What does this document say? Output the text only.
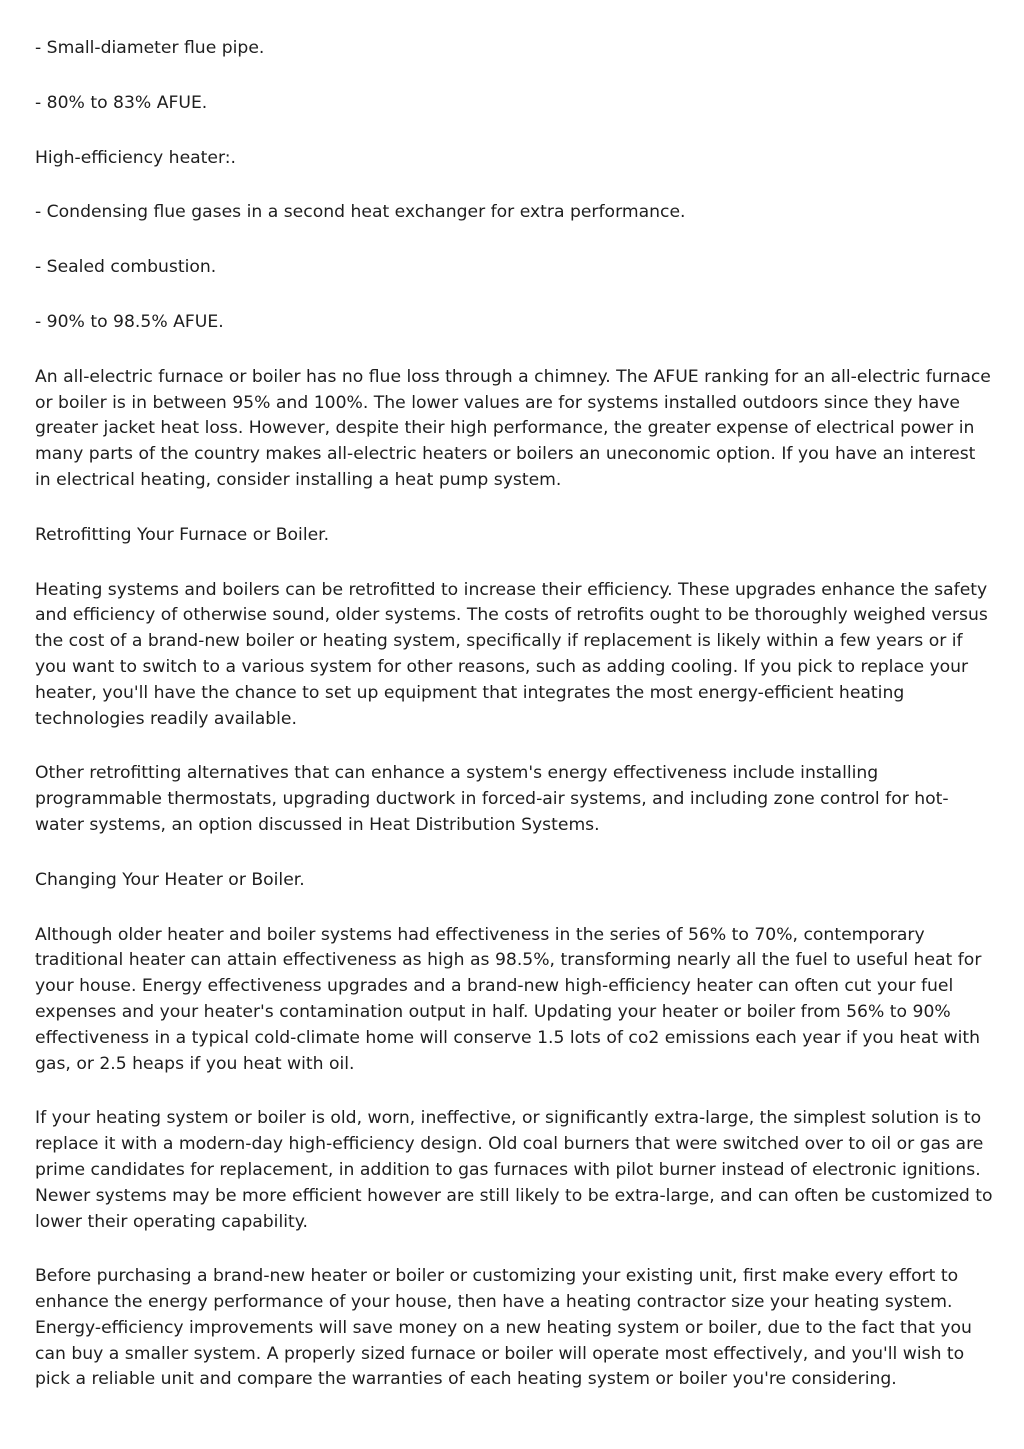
- Small-diameter flue pipe.

- 80% to 83% AFUE.

High-efficiency heater:.

- Condensing flue gases in a second heat exchanger for extra performance.

- Sealed combustion.

- 90% to 98.5% AFUE.

An all-electric furnace or boiler has no flue loss through a chimney. The AFUE ranking for an all-electric furnace or boiler is in between 95% and 100%. The lower values are for systems installed outdoors since they have greater jacket heat loss. However, despite their high performance, the greater expense of electrical power in many parts of the country makes all-electric heaters or boilers an uneconomic option. If you have an interest in electrical heating, consider installing a heat pump system.

Retrofitting Your Furnace or Boiler.

Heating systems and boilers can be retrofitted to increase their efficiency. These upgrades enhance the safety and efficiency of otherwise sound, older systems. The costs of retrofits ought to be thoroughly weighed versus the cost of a brand-new boiler or heating system, specifically if replacement is likely within a few years or if you want to switch to a various system for other reasons, such as adding cooling. If you pick to replace your heater, you'll have the chance to set up equipment that integrates the most energy-efficient heating technologies readily available.

Other retrofitting alternatives that can enhance a system's energy effectiveness include installing programmable thermostats, upgrading ductwork in forced-air systems, and including zone control for hot-water systems, an option discussed in Heat Distribution Systems.

Changing Your Heater or Boiler.

Although older heater and boiler systems had effectiveness in the series of 56% to 70%, contemporary traditional heater can attain effectiveness as high as 98.5%, transforming nearly all the fuel to useful heat for your house. Energy effectiveness upgrades and a brand-new high-efficiency heater can often cut your fuel expenses and your heater's contamination output in half. Updating your heater or boiler from 56% to 90% effectiveness in a typical cold-climate home will conserve 1.5 lots of co2 emissions each year if you heat with gas, or 2.5 heaps if you heat with oil.

If your heating system or boiler is old, worn, ineffective, or significantly extra-large, the simplest solution is to replace it with a modern-day high-efficiency design. Old coal burners that were switched over to oil or gas are prime candidates for replacement, in addition to gas furnaces with pilot burner instead of electronic ignitions. Newer systems may be more efficient however are still likely to be extra-large, and can often be customized to lower their operating capability.

Before purchasing a brand-new heater or boiler or customizing your existing unit, first make every effort to enhance the energy performance of your house, then have a heating contractor size your heating system. Energy-efficiency improvements will save money on a new heating system or boiler, due to the fact that you can buy a smaller system. A properly sized furnace or boiler will operate most effectively, and you'll wish to pick a reliable unit and compare the warranties of each heating system or boiler you're considering.
